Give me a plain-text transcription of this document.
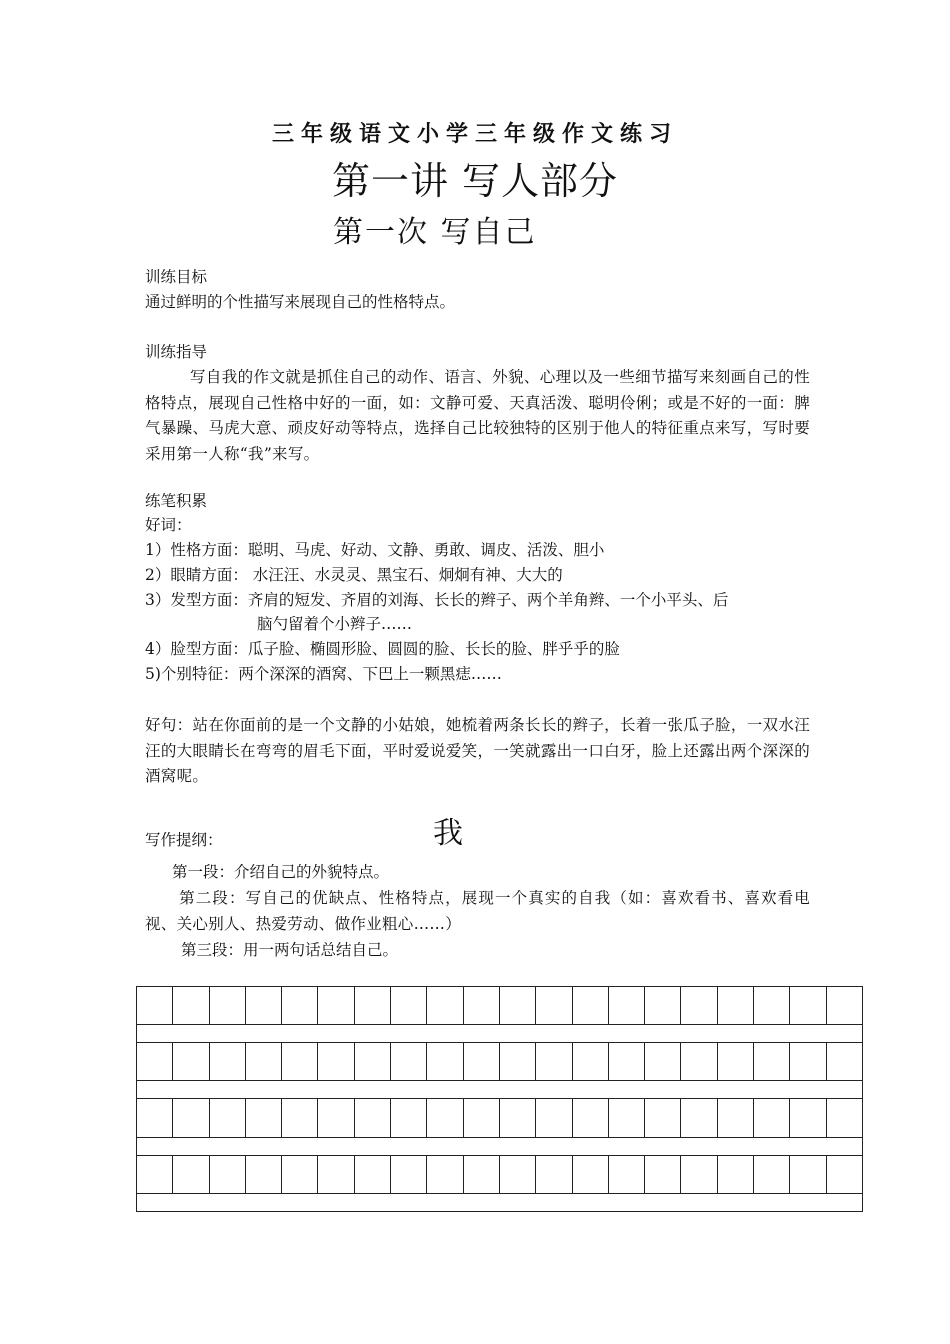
三年级语文小学三年级作文练习
第一讲 写人部分
第一次 写自己
训练目标
通过鲜明的个性描写来展现自己的性格特点。
训练指导
写自我的作文就是抓住自己的动作、语言、外貌、心理以及一些细节描写来刻画自己的性格特点，展现自己性格中好的一面，如：文静可爱、天真活泼、聪明伶俐；或是不好的一面：脾气暴躁、马虎大意、顽皮好动等特点，选择自己比较独特的区别于他人的特征重点来写，写时要采用第一人称“我”来写。
练笔积累
好词：
1）性格方面：聪明、马虎、好动、文静、勇敢、调皮、活泼、胆小
2）眼睛方面： 水汪汪、水灵灵、黑宝石、炯炯有神、大大的
3）发型方面：齐肩的短发、齐眉的刘海、长长的辫子、两个羊角辫、一个小平头、后
脑勺留着个小辫子……
4）脸型方面：瓜子脸、椭圆形脸、圆圆的脸、长长的脸、胖乎乎的脸
5)个别特征：两个深深的酒窝、下巴上一颗黑痣……
好句：站在你面前的是一个文静的小姑娘，她梳着两条长长的辫子，长着一张瓜子脸，一双水汪汪的大眼睛长在弯弯的眉毛下面，平时爱说爱笑，一笑就露出一口白牙，脸上还露出两个深深的酒窝呢。
写作提纲：	我
第一段：介绍自己的外貌特点。
第二段：写自己的优缺点、性格特点，展现一个真实的自我（如：喜欢看书、喜欢看电视、关心别人、热爱劳动、做作业粗心……）
第三段：用一两句话总结自己。
